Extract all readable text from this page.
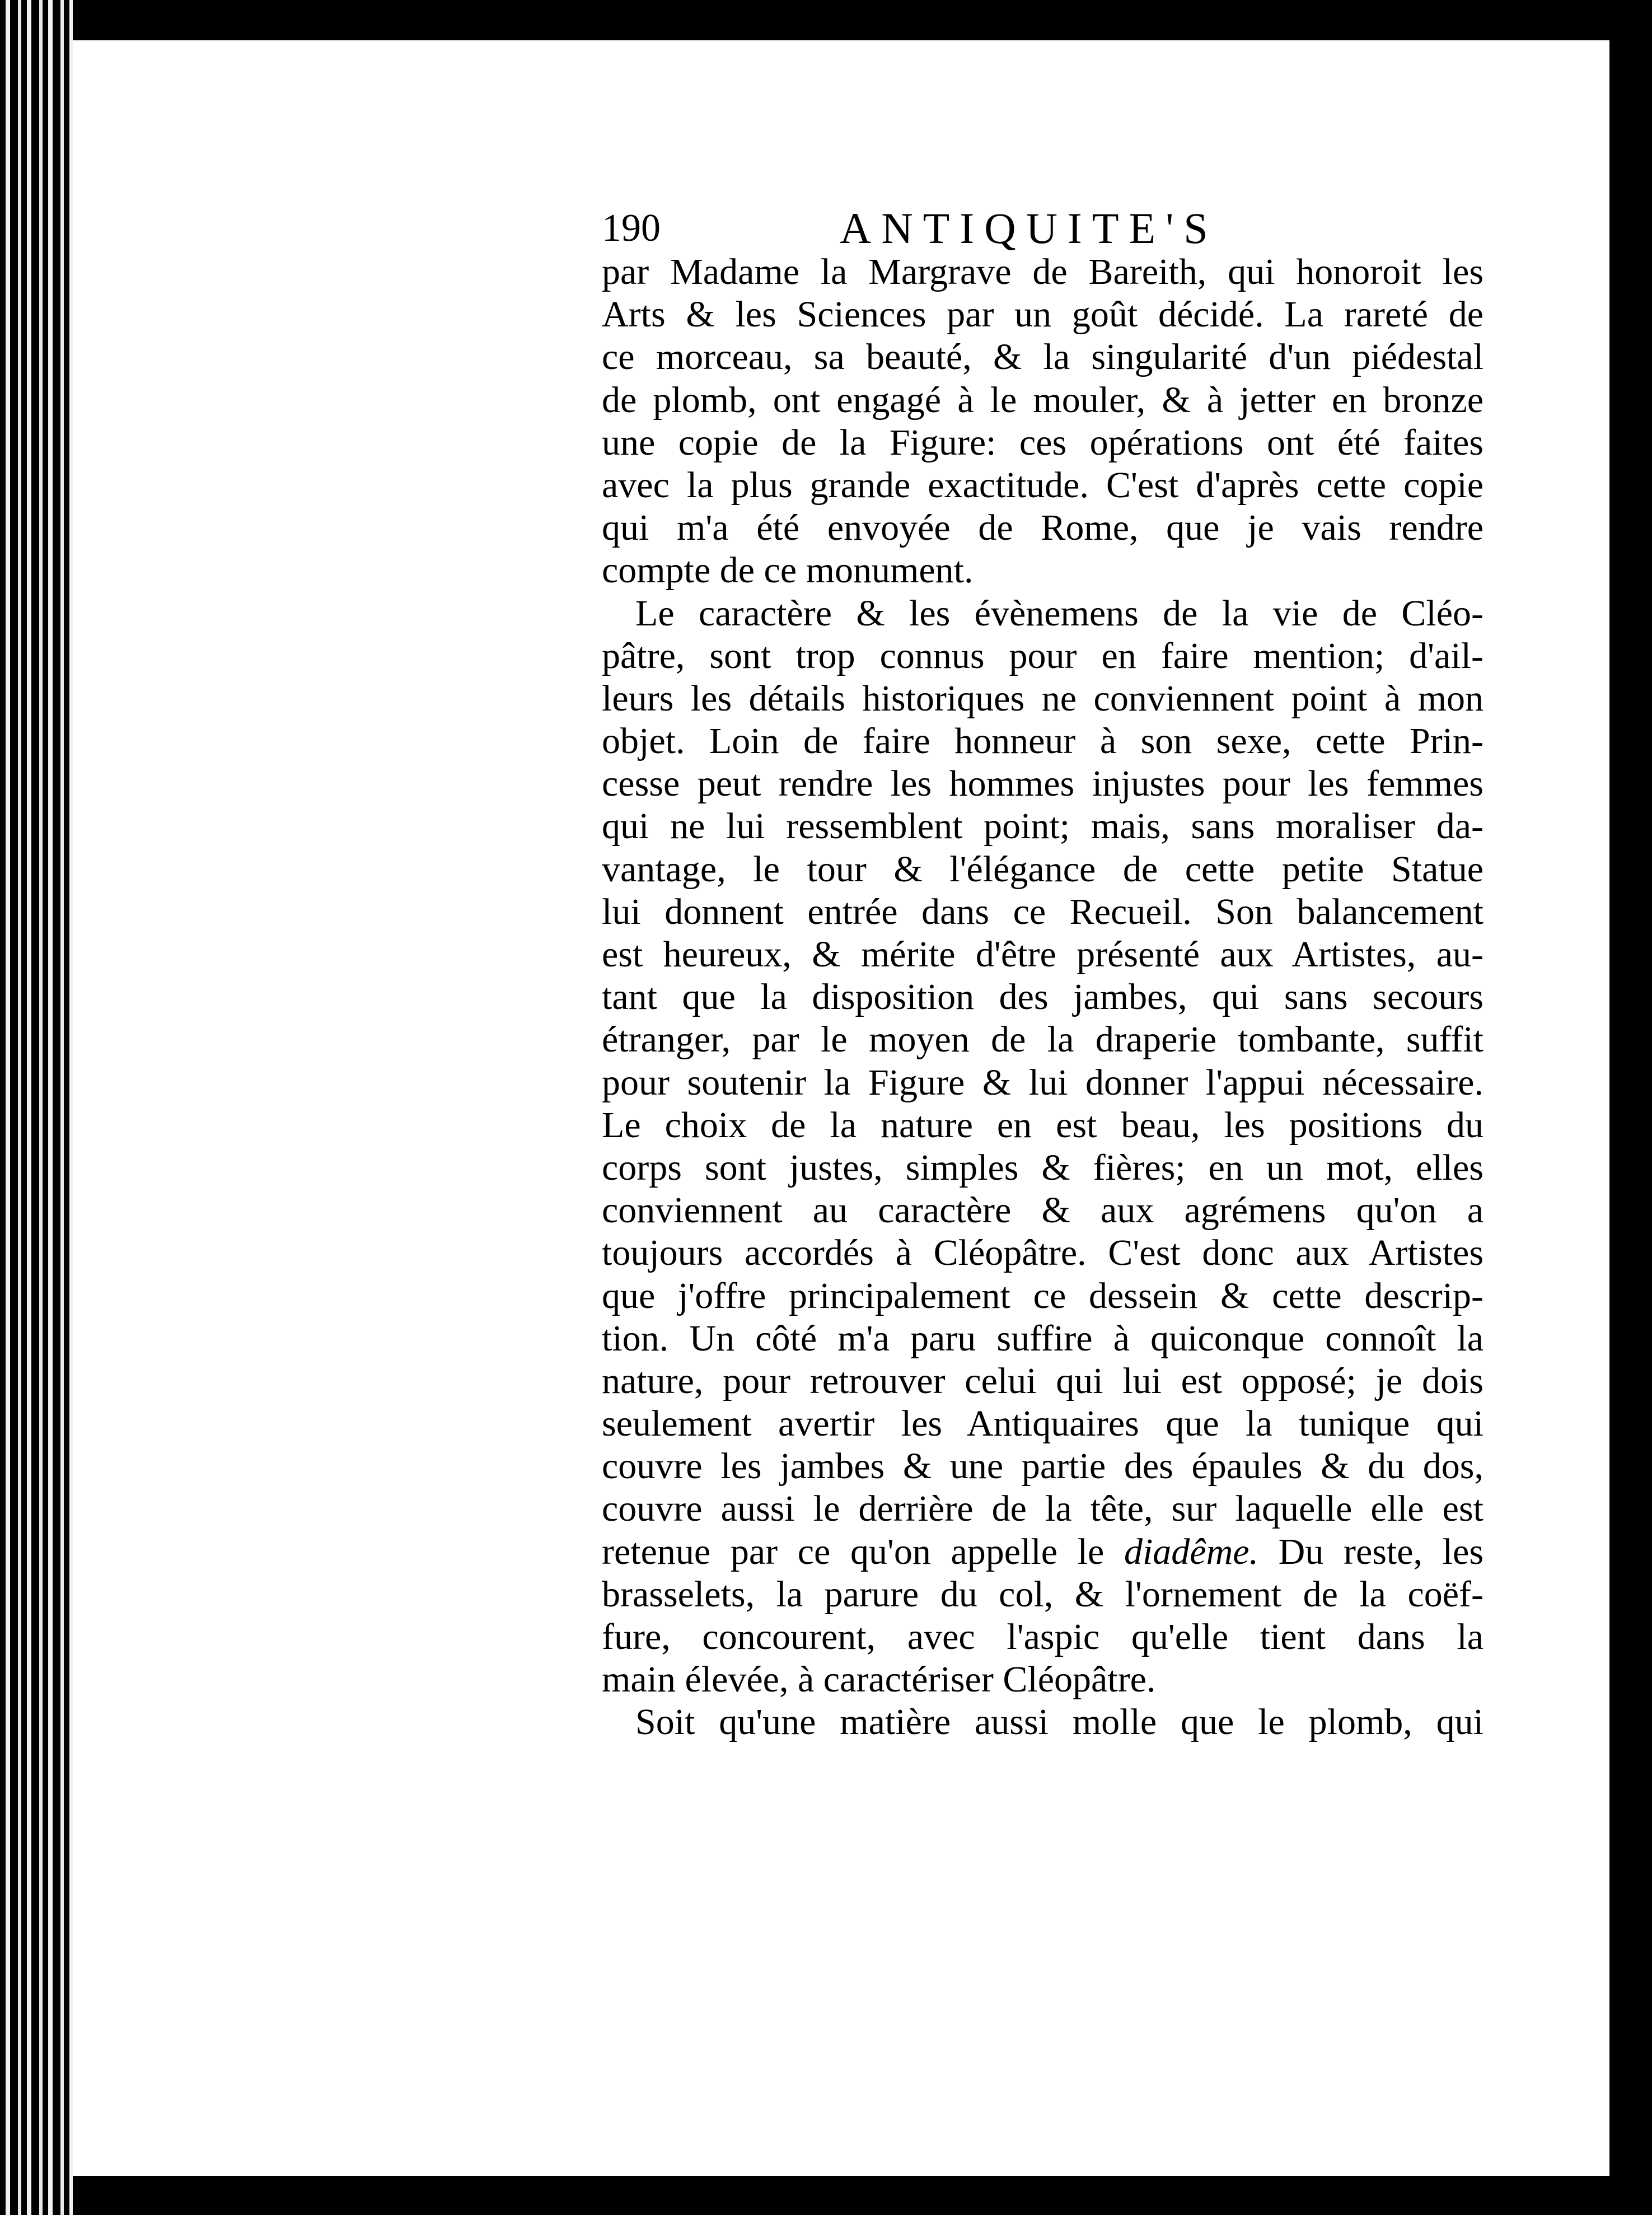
190	ANTIQUITE'S
par Madame la Margrave de Bareith, qui honoroit les
Arts & les Sciences par un goût décidé. La rareté de
ce morceau, sa beauté, & la singularité d'un piédestal
de plomb, ont engagé à le mouler, & à jetter en bronze
une copie de la Figure: ces opérations ont été faites
avec la plus grande exactitude. C'est d'après cette copie
qui m'a été envoyée de Rome, que je vais rendre
compte de ce monument.
Le caractère & les évènemens de la vie de Cléo-
pâtre, sont trop connus pour en faire mention; d'ail-
leurs les détails historiques ne conviennent point à mon
objet. Loin de faire honneur à son sexe, cette Prin-
cesse peut rendre les hommes injustes pour les femmes
qui ne lui ressemblent point; mais, sans moraliser da-
vantage, le tour & l'élégance de cette petite Statue
lui donnent entrée dans ce Recueil. Son balancement
est heureux, & mérite d'être présenté aux Artistes, au-
tant que la disposition des jambes, qui sans secours
étranger, par le moyen de la draperie tombante, suffit
pour soutenir la Figure & lui donner l'appui nécessaire.
Le choix de la nature en est beau, les positions du
corps sont justes, simples & fières; en un mot, elles
conviennent au caractère & aux agrémens qu'on a
toujours accordés à Cléopâtre. C'est donc aux Artistes
que j'offre principalement ce dessein & cette descrip-
tion. Un côté m'a paru suffire à quiconque connoît la
nature, pour retrouver celui qui lui est opposé; je dois
seulement avertir les Antiquaires que la tunique qui
couvre les jambes & une partie des épaules & du dos,
couvre aussi le derrière de la tête, sur laquelle elle est
retenue par ce qu'on appelle le diadême. Du reste, les
brasselets, la parure du col, & l'ornement de la coëf-
fure, concourent, avec l'aspic qu'elle tient dans la
main élevée, à caractériser Cléopâtre.
Soit qu'une matière aussi molle que le plomb, qui
